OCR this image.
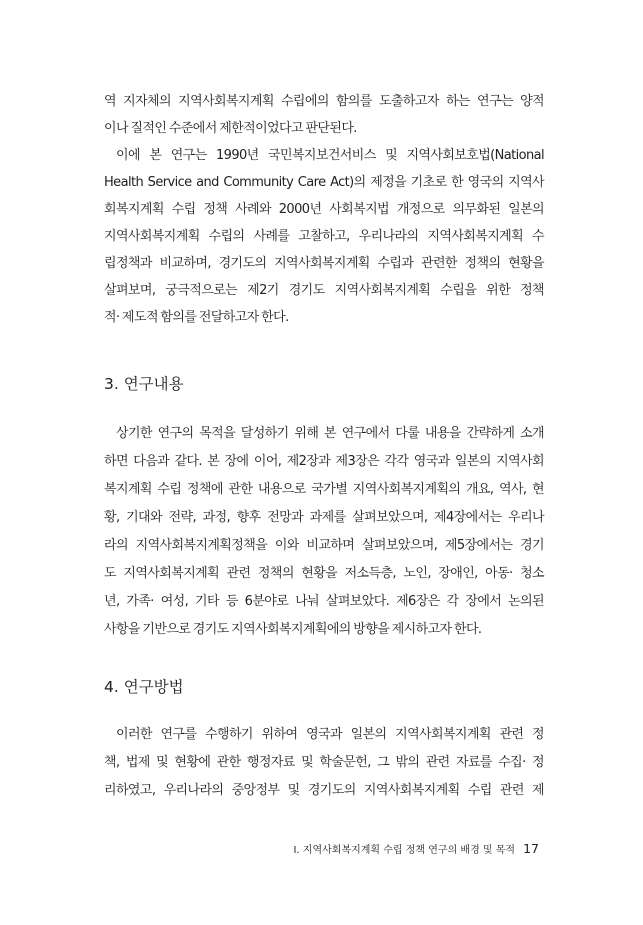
역 지자체의 지역사회복지계획 수립에의 함의를 도출하고자 하는 연구는 양적
이나 질적인 수준에서 제한적이었다고 판단된다.
이에 본 연구는 1990년 국민복지보건서비스 및 지역사회보호법(National
Health Service and Community Care Act)의 제정을 기초로 한 영국의 지역사
회복지계획 수립 정책 사례와 2000년 사회복지법 개정으로 의무화된 일본의
지역사회복지계획 수립의 사례를 고찰하고, 우리나라의 지역사회복지계획 수
립정책과 비교하며, 경기도의 지역사회복지계획 수립과 관련한 정책의 현황을
살펴보며, 궁극적으로는 제2기 경기도 지역사회복지계획 수립을 위한 정책
적· 제도적 함의를 전달하고자 한다.
3. 연구내용
상기한 연구의 목적을 달성하기 위해 본 연구에서 다룰 내용을 간략하게 소개
하면 다음과 같다. 본 장에 이어, 제2장과 제3장은 각각 영국과 일본의 지역사회
복지계획 수립 정책에 관한 내용으로 국가별 지역사회복지계획의 개요, 역사, 현
황, 기대와 전략, 과정, 향후 전망과 과제를 살펴보았으며, 제4장에서는 우리나
라의 지역사회복지계획정책을 이와 비교하며 살펴보았으며, 제5장에서는 경기
도 지역사회복지계획 관련 정책의 현황을 저소득층, 노인, 장애인, 아동· 청소
년, 가족· 여성, 기타 등 6분야로 나눠 살펴보았다. 제6장은 각 장에서 논의된
사항을 기반으로 경기도 지역사회복지계획에의 방향을 제시하고자 한다.
4. 연구방법
이러한 연구를 수행하기 위하여 영국과 일본의 지역사회복지계획 관련 정
책, 법제 및 현황에 관한 행정자료 및 학술문헌, 그 밖의 관련 자료를 수집· 정
리하였고, 우리나라의 중앙정부 및 경기도의 지역사회복지계획 수립 관련 제
Ⅰ. 지역사회복지계획 수립 정책 연구의 배경 및 목적 17
